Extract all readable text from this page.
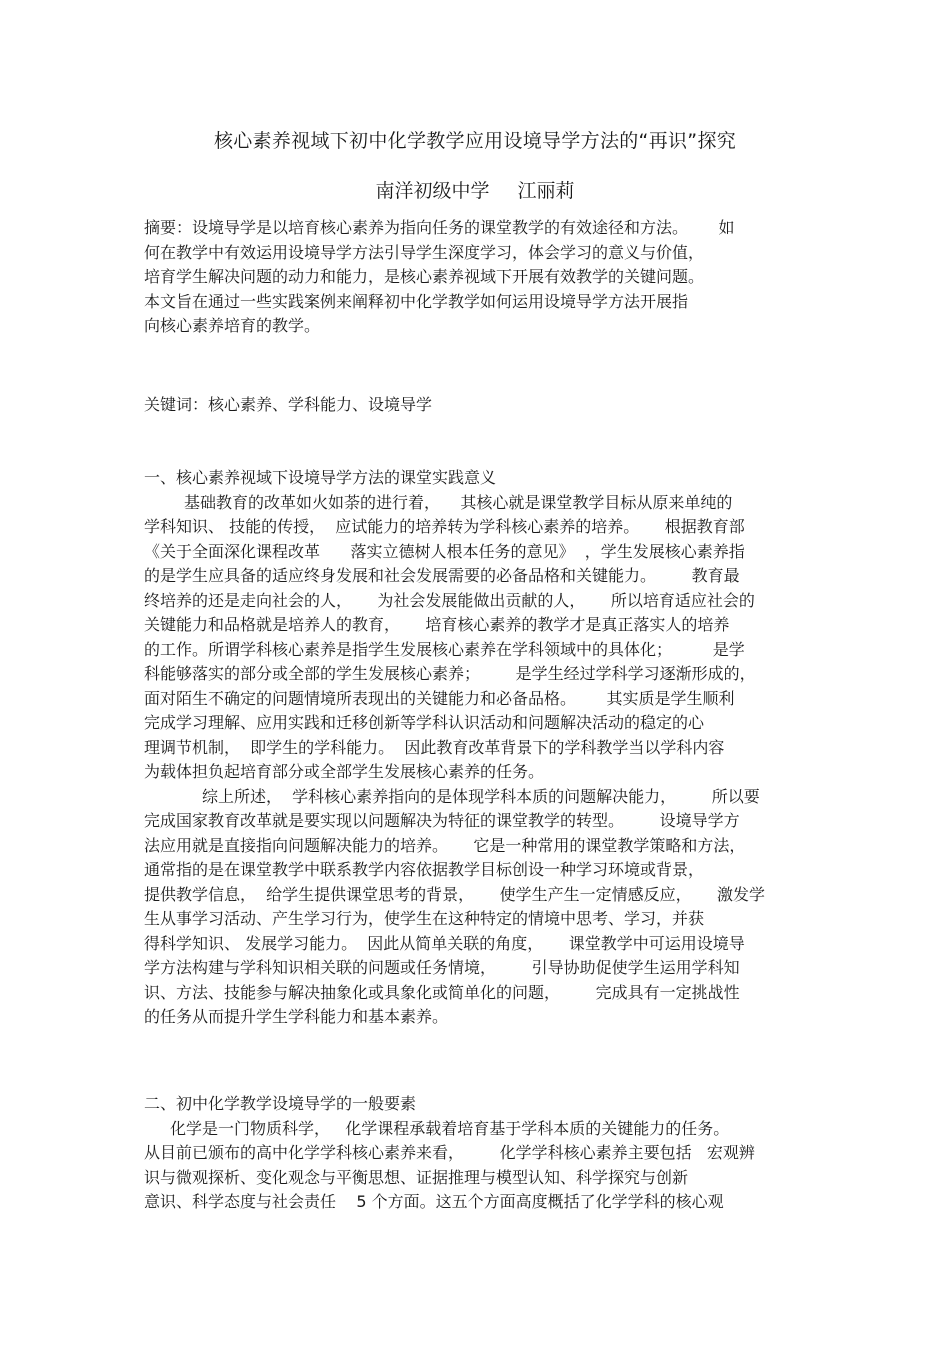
核心素养视域下初中化学教学应用设境导学方法的“再识”探究
南洋初级中学 江丽莉
摘要：设境导学是以培育核心素养为指向任务的课堂教学的有效途径和方法。      如
何在教学中有效运用设境导学方法引导学生深度学习，体会学习的意义与价值，
培育学生解决问题的动力和能力，是核心素养视域下开展有效教学的关键问题。
本文旨在通过一些实践案例来阐释初中化学教学如何运用设境导学方法开展指
向核心素养培育的教学。
关键词：核心素养、学科能力、设境导学
一、核心素养视域下设境导学方法的课堂实践意义
基础教育的改革如火如荼的进行着，    其核心就是课堂教学目标从原来单纯的
学科知识、 技能的传授，  应试能力的培养转为学科核心素养的培养。     根据教育部
《关于全面深化课程改革      落实立德树人根本任务的意见》  ，学生发展核心素养指
的是学生应具备的适应终身发展和社会发展需要的必备品格和关键能力。       教育最
终培养的还是走向社会的人，     为社会发展能做出贡献的人，     所以培育适应社会的
关键能力和品格就是培养人的教育，     培育核心素养的教学才是真正落实人的培养
的工作。所谓学科核心素养是指学生发展核心素养在学科领域中的具体化；        是学
科能够落实的部分或全部的学生发展核心素养；       是学生经过学科学习逐渐形成的，
面对陌生不确定的问题情境所表现出的关键能力和必备品格。      其实质是学生顺利
完成学习理解、应用实践和迁移创新等学科认识活动和问题解决活动的稳定的心
理调节机制，  即学生的学科能力。  因此教育改革背景下的学科教学当以学科内容
为载体担负起培育部分或全部学生发展核心素养的任务。
综上所述，  学科核心素养指向的是体现学科本质的问题解决能力，       所以要
完成国家教育改革就是要实现以问题解决为特征的课堂教学的转型。       设境导学方
法应用就是直接指向问题解决能力的培养。     它是一种常用的课堂教学策略和方法，
通常指的是在课堂教学中联系教学内容依据教学目标创设一种学习环境或背景，
提供教学信息，  给学生提供课堂思考的背景，     使学生产生一定情感反应，     激发学
生从事学习活动、产生学习行为，使学生在这种特定的情境中思考、学习，并获
得科学知识、 发展学习能力。  因此从简单关联的角度，     课堂教学中可运用设境导
学方法构建与学科知识相关联的问题或任务情境，       引导协助促使学生运用学科知
识、方法、技能参与解决抽象化或具象化或简单化的问题，       完成具有一定挑战性
的任务从而提升学生学科能力和基本素养。
二、初中化学教学设境导学的一般要素
化学是一门物质科学，   化学课程承载着培育基于学科本质的关键能力的任务。
从目前已颁布的高中化学学科核心素养来看，       化学学科核心素养主要包括   宏观辨
识与微观探析、变化观念与平衡思想、证据推理与模型认知、科学探究与创新
意识、科学态度与社会责任    5 个方面。这五个方面高度概括了化学学科的核心观
